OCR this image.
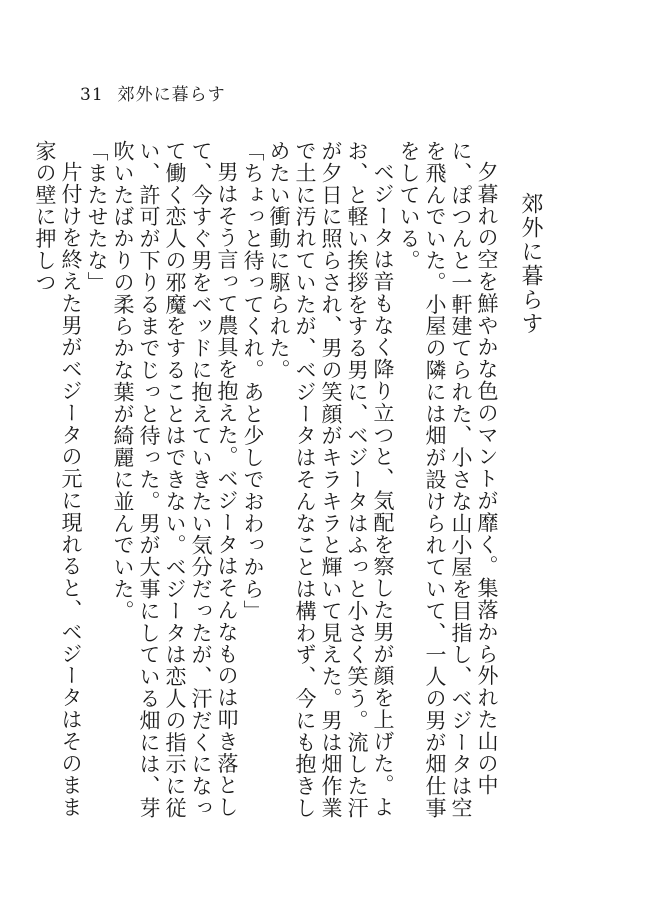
31 郊外に暮らす
郊外に暮らす

夕暮れの空を鮮やかな色のマントが靡く。集落から外れた山の中に、ぽつんと一軒建てられた、小さな山小屋を目指し、ベジータは空を飛んでいた。小屋の隣には畑が設けられていて、一人の男が畑仕事をしている。

ベジータは音もなく降り立つと、気配を察した男が顔を上げた。よお、と軽い挨拶をする男に、ベジータはふっと小さく笑う。流した汗が夕日に照らされ、男の笑顔がキラキラと輝いて見えた。男は畑作業で土に汚れていたが、ベジータはそんなことは構わず、今にも抱きしめたい衝動に駆られた。

「ちょっと待ってくれ。あと少しでおわっから」

男はそう言って農具を抱えた。ベジータはそんなものは叩き落として、今すぐ男をベッドに抱えていきたい気分だったが、汗だくになって働く恋人の邪魔をすることはできない。ベジータは恋人の指示に従い、許可が下りるまでじっと待った。男が大事にしている畑には、芽吹いたばかりの柔らかな葉が綺麗に並んでいた。

「またせたな」

片付けを終えた男がベジータの元に現れると、ベジータはそのまま家の壁に押しつ
